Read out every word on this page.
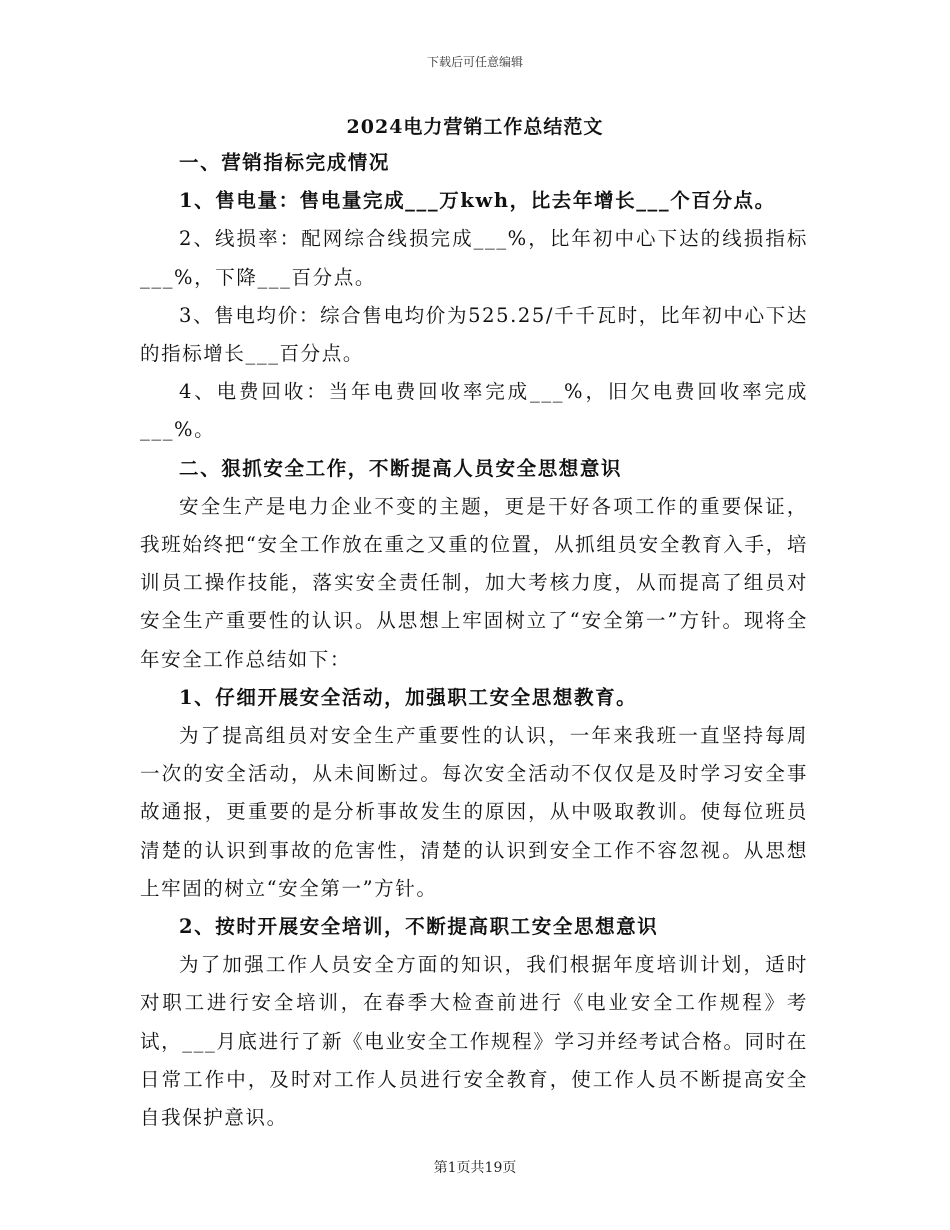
下载后可任意编辑
2024电力营销工作总结范文

一、营销指标完成情况

1、售电量：售电量完成___万kwh，比去年增长___个百分点。

2、线损率：配网综合线损完成___%，比年初中心下达的线损指标___%，下降___百分点。

3、售电均价：综合售电均价为525.25/千千瓦时，比年初中心下达的指标增长___百分点。

4、电费回收：当年电费回收率完成___%，旧欠电费回收率完成___%。

二、狠抓安全工作，不断提高人员安全思想意识

安全生产是电力企业不变的主题，更是干好各项工作的重要保证，我班始终把“安全工作放在重之又重的位置，从抓组员安全教育入手，培训员工操作技能，落实安全责任制，加大考核力度，从而提高了组员对安全生产重要性的认识。从思想上牢固树立了“安全第一”方针。现将全年安全工作总结如下：

1、仔细开展安全活动，加强职工安全思想教育。

为了提高组员对安全生产重要性的认识，一年来我班一直坚持每周一次的安全活动，从未间断过。每次安全活动不仅仅是及时学习安全事故通报，更重要的是分析事故发生的原因，从中吸取教训。使每位班员清楚的认识到事故的危害性，清楚的认识到安全工作不容忽视。从思想上牢固的树立“安全第一”方针。

2、按时开展安全培训，不断提高职工安全思想意识

为了加强工作人员安全方面的知识，我们根据年度培训计划，适时对职工进行安全培训，在春季大检查前进行《电业安全工作规程》考试，___月底进行了新《电业安全工作规程》学习并经考试合格。同时在日常工作中，及时对工作人员进行安全教育，使工作人员不断提高安全自我保护意识。

第1页共19页
